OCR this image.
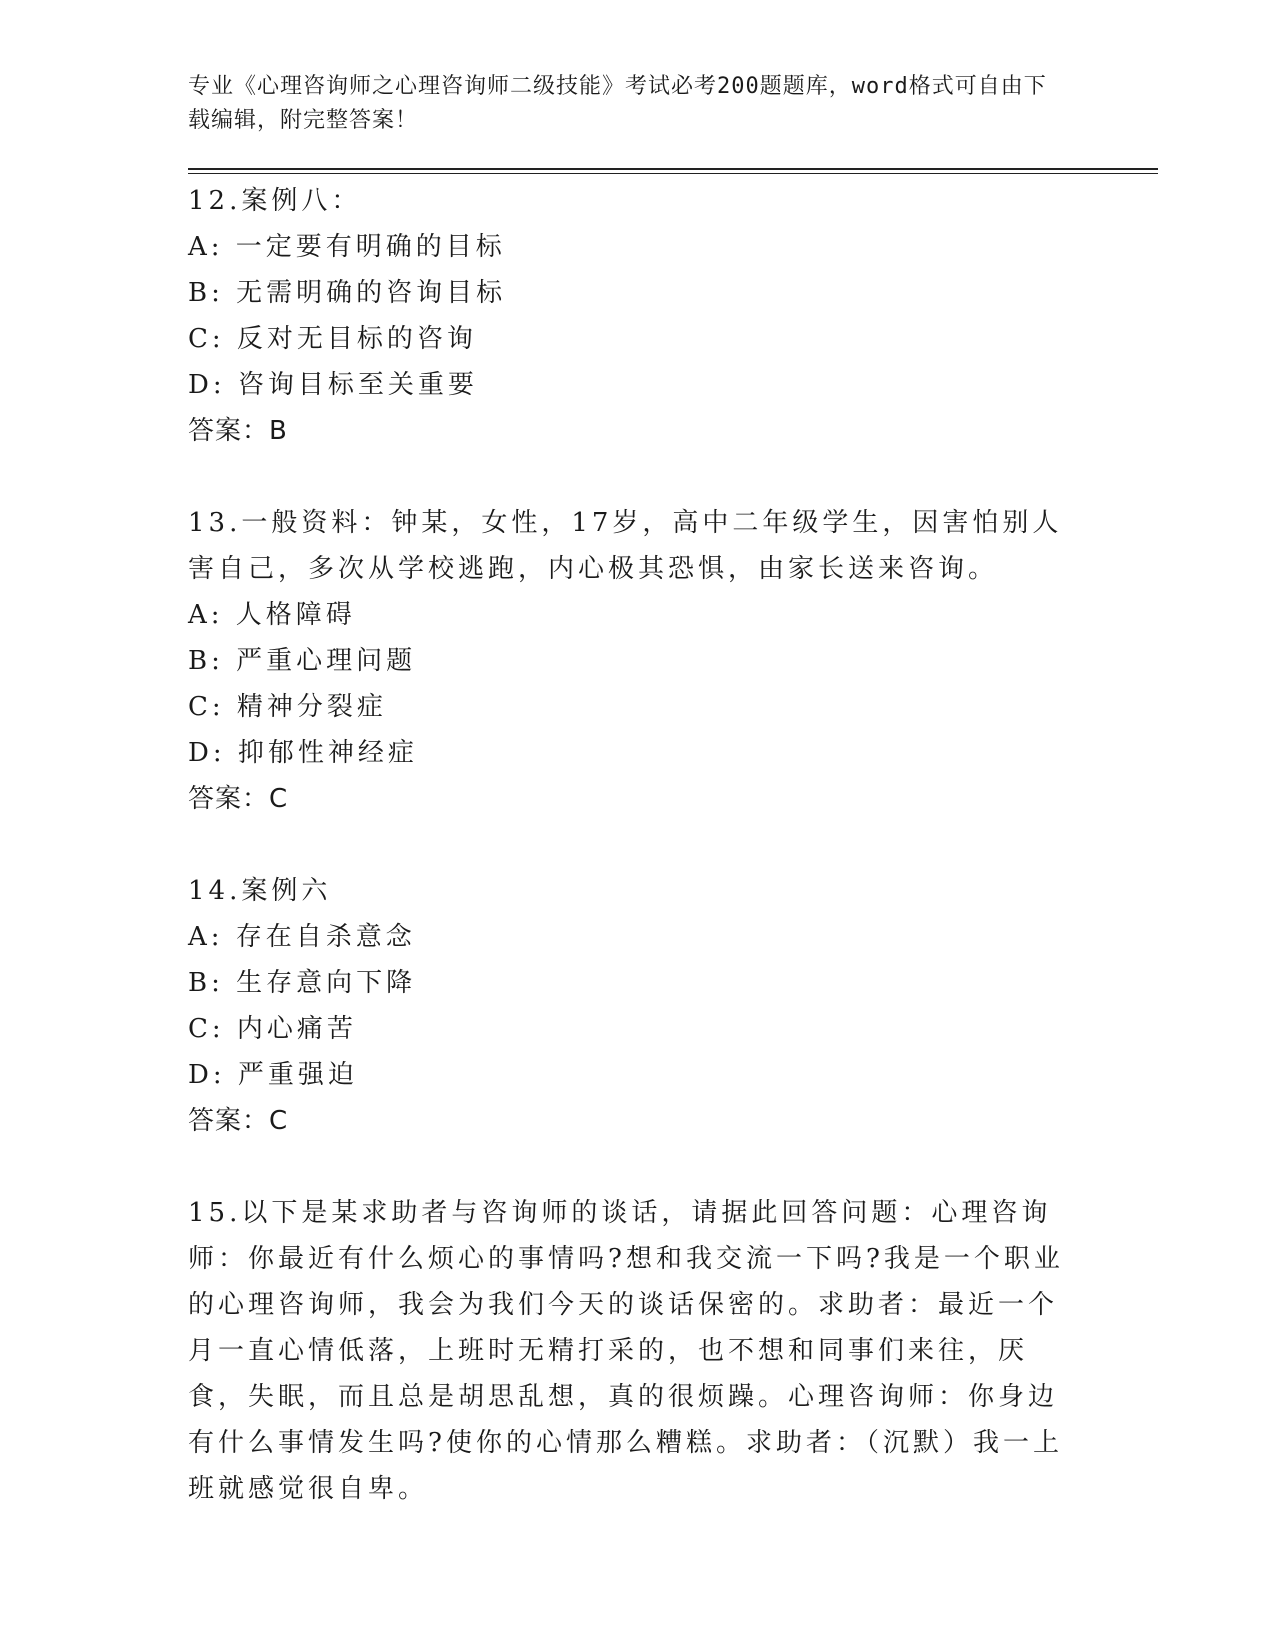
专业《心理咨询师之心理咨询师二级技能》考试必考200题题库，word格式可自由下载编辑，附完整答案！

12.案例八：

A: 一定要有明确的目标

B: 无需明确的咨询目标

C: 反对无目标的咨询

D: 咨询目标至关重要

答案：B

13.一般资料：钟某，女性，17岁，高中二年级学生，因害怕别人害自己，多次从学校逃跑，内心极其恐惧，由家长送来咨询。

A: 人格障碍

B: 严重心理问题

C: 精神分裂症

D: 抑郁性神经症

答案：C

14.案例六

A: 存在自杀意念

B: 生存意向下降

C: 内心痛苦

D: 严重强迫

答案：C

15.以下是某求助者与咨询师的谈话，请据此回答问题：心理咨询师：你最近有什么烦心的事情吗?想和我交流一下吗?我是一个职业的心理咨询师，我会为我们今天的谈话保密的。求助者：最近一个月一直心情低落，上班时无精打采的，也不想和同事们来往，厌食，失眠，而且总是胡思乱想，真的很烦躁。心理咨询师：你身边有什么事情发生吗?使你的心情那么糟糕。求助者：（沉默）我一上班就感觉很自卑。
